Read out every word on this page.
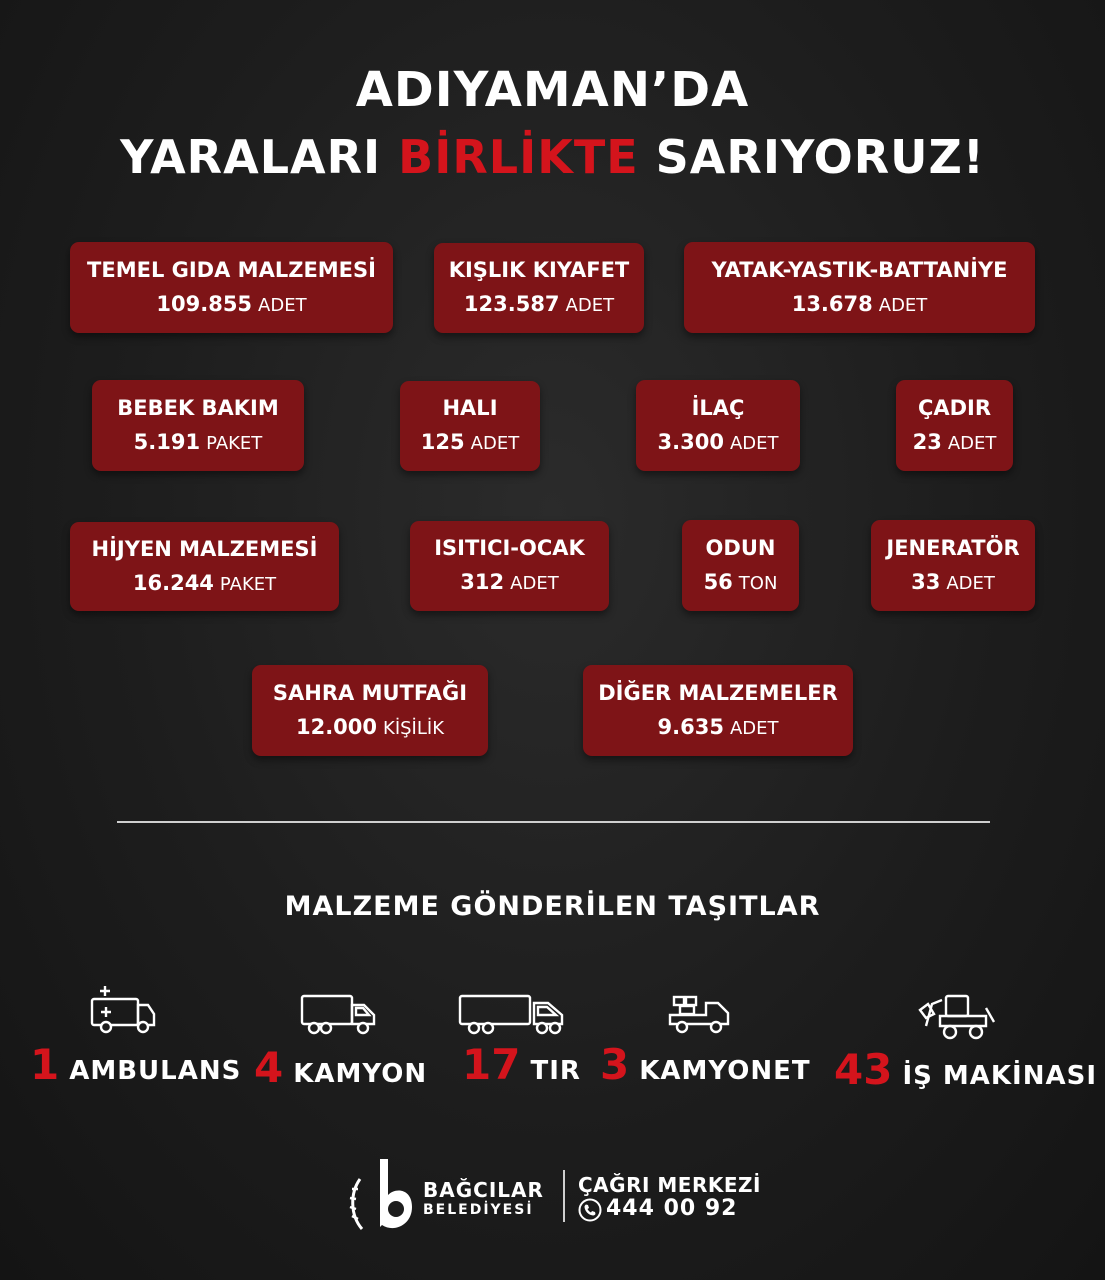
ADIYAMAN’DA
YARALARI BİRLİKTE SARIYORUZ!
TEMEL GIDA MALZEMESİ
109.855 ADET
KIŞLIK KIYAFET
123.587 ADET
YATAK-YASTIK-BATTANİYE
13.678 ADET
BEBEK BAKIM
5.191 PAKET
HALI
125 ADET
İLAÇ
3.300 ADET
ÇADIR
23 ADET
HİJYEN MALZEMESİ
16.244 PAKET
ISITICI-OCAK
312 ADET
ODUN
56 TON
JENERATÖR
33 ADET
SAHRA MUTFAĞI
12.000 KİŞİLİK
DİĞER MALZEMELER
9.635 ADET
MALZEME GÖNDERİLEN TAŞITLAR
1 AMBULANS 4 KAMYON 17 TIR 3 KAMYONET 43 İŞ MAKİNASI
BAĞCILAR
BELEDİYESİ
ÇAĞRI MERKEZİ
444 00 92
